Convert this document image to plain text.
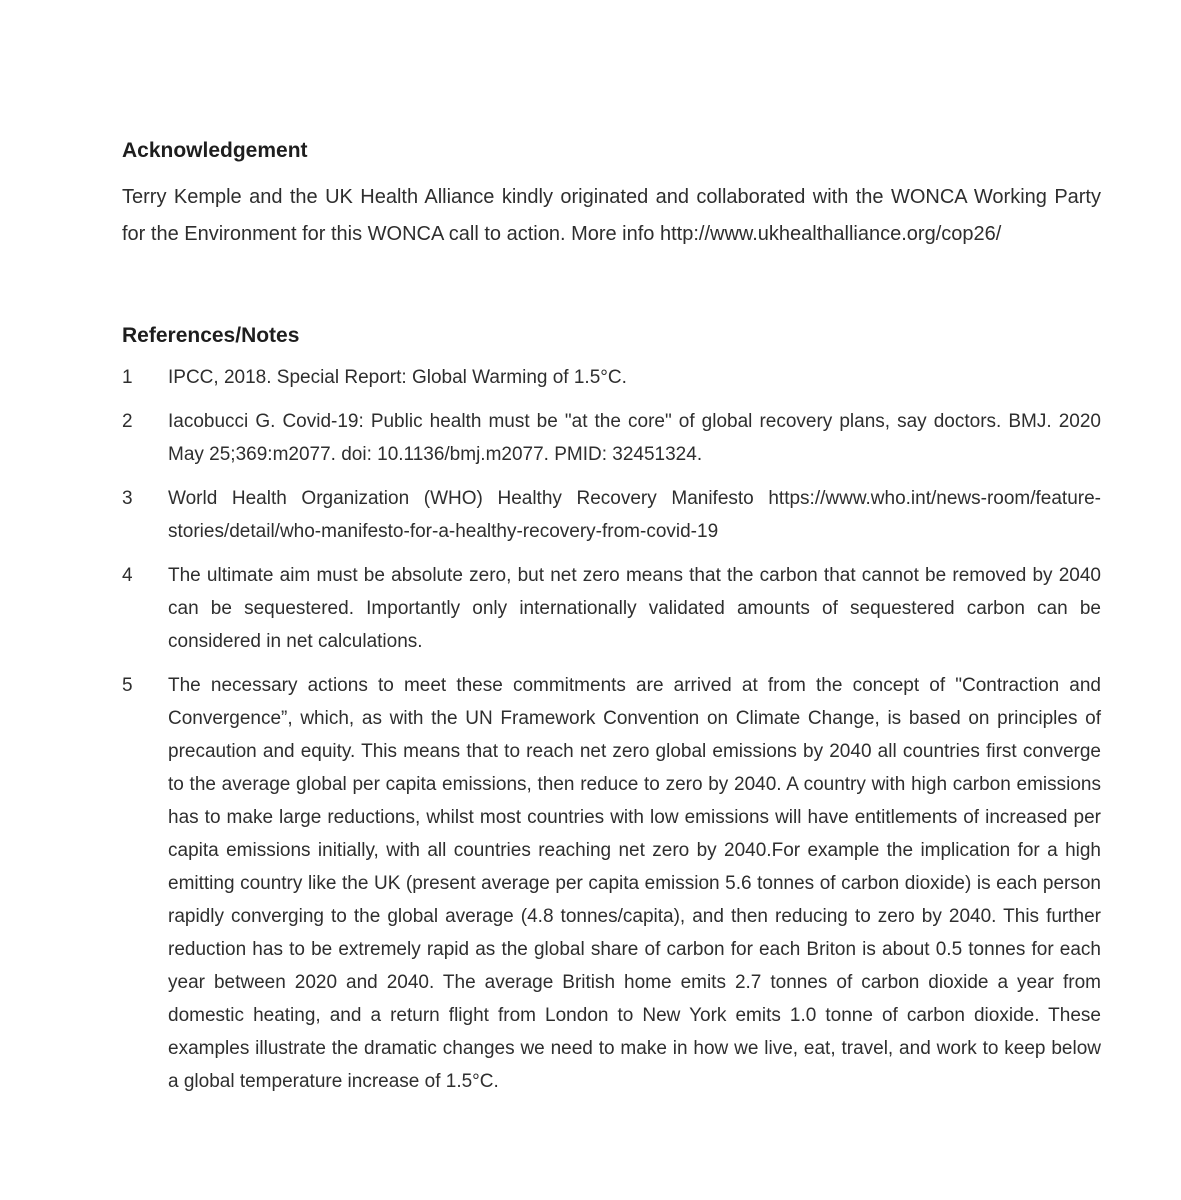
Acknowledgement

Terry Kemple and the UK Health Alliance kindly originated and collaborated with the WONCA Working Party for the Environment for this WONCA call to action. More info http://www.ukhealthalliance.org/cop26/

References/Notes
1	IPCC, 2018. Special Report: Global Warming of 1.5°C.
2	Iacobucci G. Covid-19: Public health must be "at the core" of global recovery plans, say doctors. BMJ. 2020 May 25;369:m2077. doi: 10.1136/bmj.m2077. PMID: 32451324.
3	World Health Organization (WHO) Healthy Recovery Manifesto https://www.who.int/news-room/feature-stories/detail/who-manifesto-for-a-healthy-recovery-from-covid-19
4	The ultimate aim must be absolute zero, but net zero means that the carbon that cannot be removed by 2040 can be sequestered. Importantly only internationally validated amounts of sequestered carbon can be considered in net calculations.
5	The necessary actions to meet these commitments are arrived at from the concept of "Contraction and Convergence”, which, as with the UN Framework Convention on Climate Change, is based on principles of precaution and equity. This means that to reach net zero global emissions by 2040 all countries first converge to the average global per capita emissions, then reduce to zero by 2040. A country with high carbon emissions has to make large reductions, whilst most countries with low emissions will have entitlements of increased per capita emissions initially, with all countries reaching net zero by 2040.For example the implication for a high emitting country like the UK (present average per capita emission 5.6 tonnes of carbon dioxide) is each person rapidly converging to the global average (4.8 tonnes/capita), and then reducing to zero by 2040. This further reduction has to be extremely rapid as the global share of carbon for each Briton is about 0.5 tonnes for each year between 2020 and 2040. The average British home emits 2.7 tonnes of carbon dioxide a year from domestic heating, and a return flight from London to New York emits 1.0 tonne of carbon dioxide. These examples illustrate the dramatic changes we need to make in how we live, eat, travel, and work to keep below a global temperature increase of 1.5°C.
